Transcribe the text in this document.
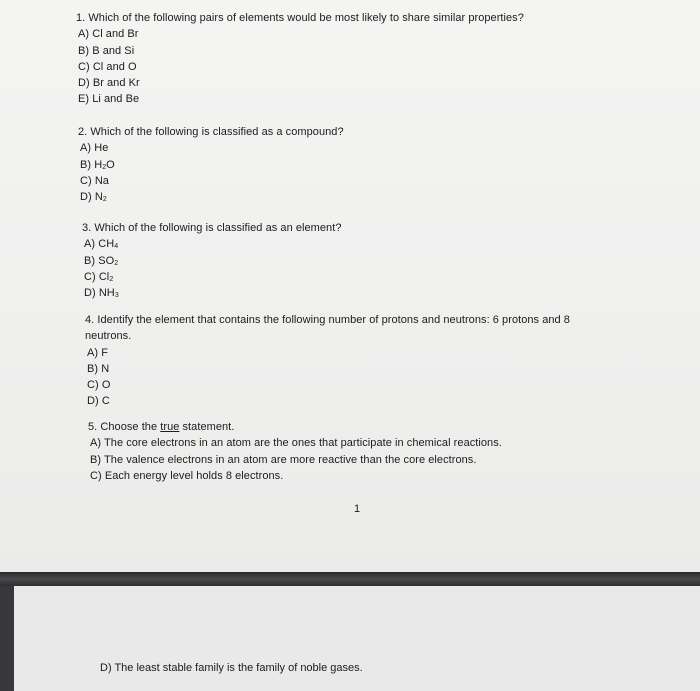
1. Which of the following pairs of elements would be most likely to share similar properties?
A) Cl and Br
B) B and Si
C) Cl and O
D) Br and Kr
E) Li and Be
2. Which of the following is classified as a compound?
A) He
B) $H_2O$
C) Na
D) $N_2$
3. Which of the following is classified as an element?
A) $CH_4$
B) $SO_2$
C) $Cl_2$
D) $NH_3$
4. Identify the element that contains the following number of protons and neutrons: 6 protons and 8
neutrons.
A) F
B) N
C) O
D) C
5. Choose the true statement.
A) The core electrons in an atom are the ones that participate in chemical reactions.
B) The valence electrons in an atom are more reactive than the core electrons.
C) Each energy level holds 8 electrons.
1
D) The least stable family is the family of noble gases.
